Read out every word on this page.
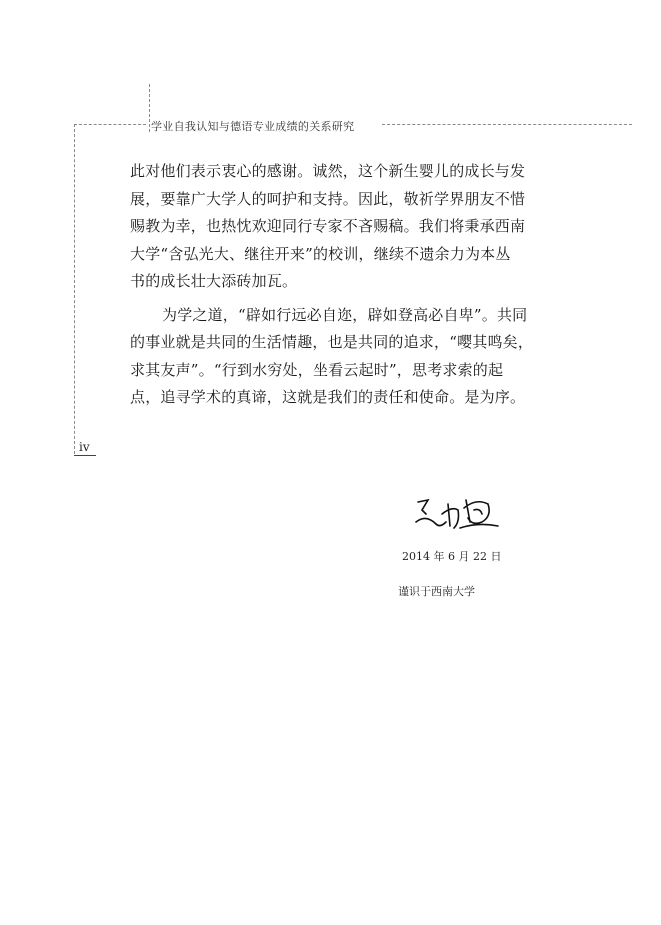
学业自我认知与德语专业成绩的关系研究
iv
此对他们表示衷心的感谢。诚然，这个新生婴儿的成长与发
展，要靠广大学人的呵护和支持。因此，敬祈学界朋友不惜
赐教为幸，也热忱欢迎同行专家不吝赐稿。我们将秉承西南
大学“含弘光大、继往开来”的校训，继续不遗余力为本丛
书的成长壮大添砖加瓦。
为学之道，“辟如行远必自迩，辟如登高必自卑”。共同
的事业就是共同的生活情趣，也是共同的追求，“嘤其鸣矣，
求其友声”。“行到水穷处，坐看云起时”，思考求索的起
点，追寻学术的真谛，这就是我们的责任和使命。是为序。
2014 年 6 月 22 日
谨识于西南大学
